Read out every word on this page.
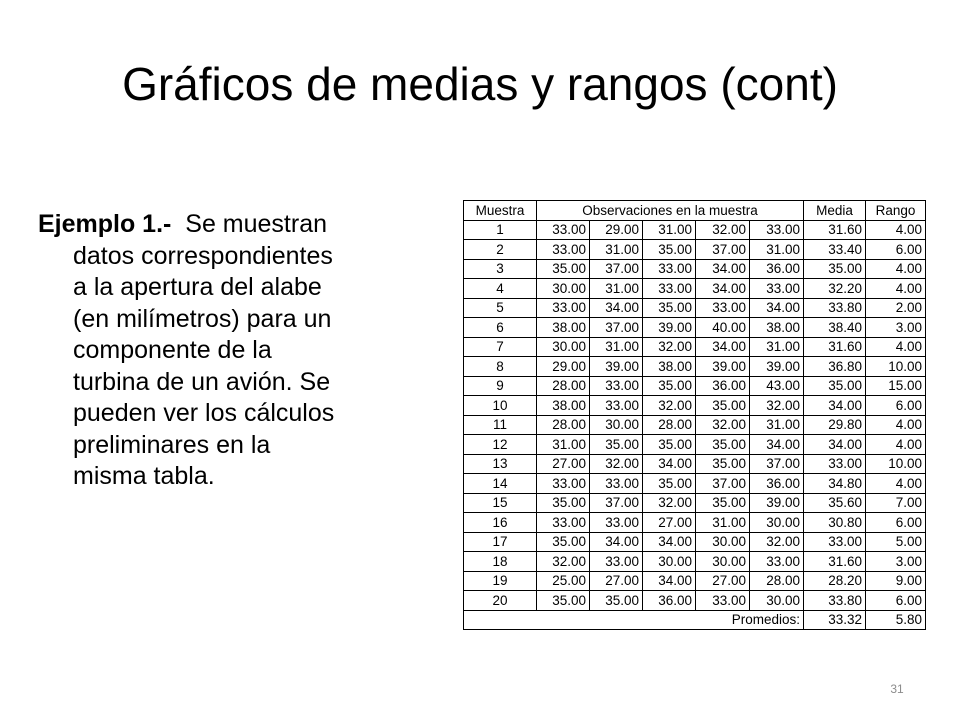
Gráficos de medias y rangos (cont)
Ejemplo 1.-  Se muestran
datos correspondientes
a la apertura del alabe
(en milímetros) para un
componente de la
turbina de un avión. Se
pueden ver los cálculos
preliminares en la
misma tabla.
Muestra	Observaciones en la muestra					Media	Rango
1	33.00	29.00	31.00	32.00	33.00	31.60	4.00
2	33.00	31.00	35.00	37.00	31.00	33.40	6.00
3	35.00	37.00	33.00	34.00	36.00	35.00	4.00
4	30.00	31.00	33.00	34.00	33.00	32.20	4.00
5	33.00	34.00	35.00	33.00	34.00	33.80	2.00
6	38.00	37.00	39.00	40.00	38.00	38.40	3.00
7	30.00	31.00	32.00	34.00	31.00	31.60	4.00
8	29.00	39.00	38.00	39.00	39.00	36.80	10.00
9	28.00	33.00	35.00	36.00	43.00	35.00	15.00
10	38.00	33.00	32.00	35.00	32.00	34.00	6.00
11	28.00	30.00	28.00	32.00	31.00	29.80	4.00
12	31.00	35.00	35.00	35.00	34.00	34.00	4.00
13	27.00	32.00	34.00	35.00	37.00	33.00	10.00
14	33.00	33.00	35.00	37.00	36.00	34.80	4.00
15	35.00	37.00	32.00	35.00	39.00	35.60	7.00
16	33.00	33.00	27.00	31.00	30.00	30.80	6.00
17	35.00	34.00	34.00	30.00	32.00	33.00	5.00
18	32.00	33.00	30.00	30.00	33.00	31.60	3.00
19	25.00	27.00	34.00	27.00	28.00	28.20	9.00
20	35.00	35.00	36.00	33.00	30.00	33.80	6.00
Promedios:						33.32	5.80
31
